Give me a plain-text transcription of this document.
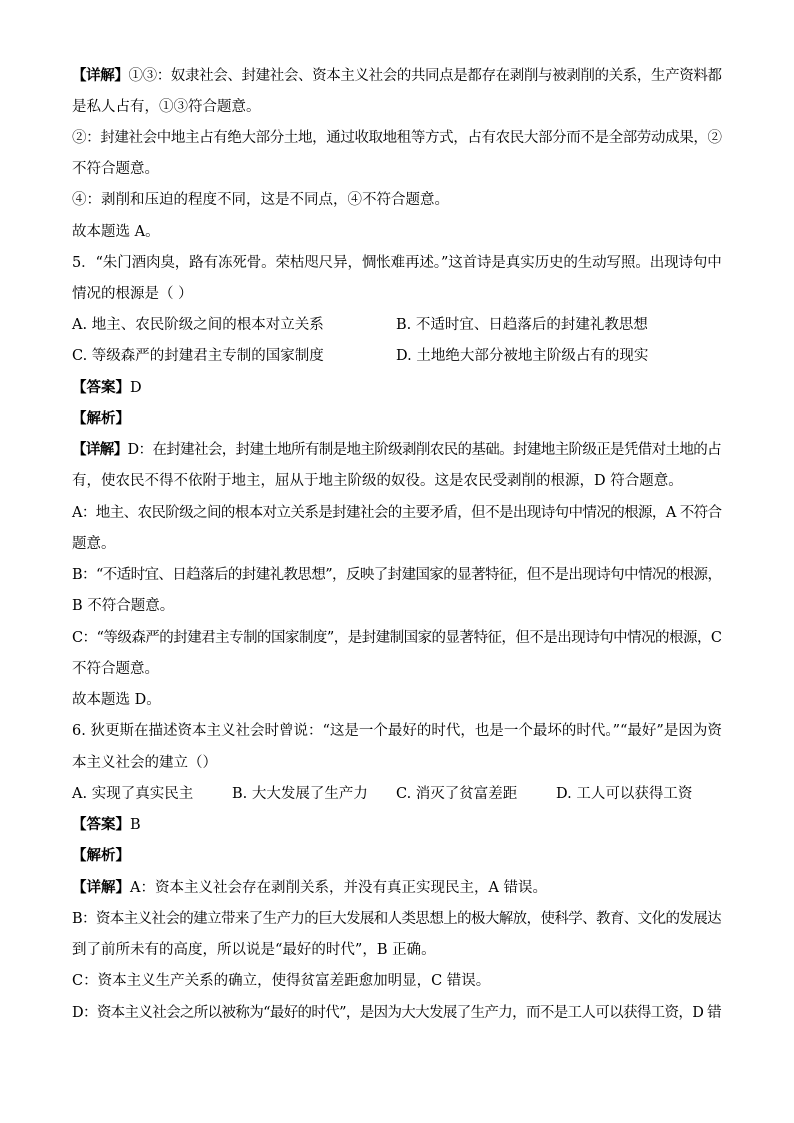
【详解】①③：奴隶社会、封建社会、资本主义社会的共同点是都存在剥削与被剥削的关系，生产资料都
是私人占有，①③符合题意。
②：封建社会中地主占有绝大部分土地，通过收取地租等方式，占有农民大部分而不是全部劳动成果，②
不符合题意。
④：剥削和压迫的程度不同，这是不同点，④不符合题意。
故本题选 A。
5．“朱门酒肉臭，路有冻死骨。荣枯咫尺异，惆怅难再述。”这首诗是真实历史的生动写照。出现诗句中
情况的根源是（ ）
A. 地主、农民阶级之间的根本对立关系	B. 不适时宜、日趋落后的封建礼教思想
C. 等级森严的封建君主专制的国家制度	D. 土地绝大部分被地主阶级占有的现实
【答案】D
【解析】
【详解】D：在封建社会，封建土地所有制是地主阶级剥削农民的基础。封建地主阶级正是凭借对土地的占
有，使农民不得不依附于地主，屈从于地主阶级的奴役。这是农民受剥削的根源，D 符合题意。
A：地主、农民阶级之间的根本对立关系是封建社会的主要矛盾，但不是出现诗句中情况的根源，A 不符合
题意。
B：“不适时宜、日趋落后的封建礼教思想”，反映了封建国家的显著特征，但不是出现诗句中情况的根源，
B 不符合题意。
C：“等级森严的封建君主专制的国家制度”，是封建制国家的显著特征，但不是出现诗句中情况的根源，C
不符合题意。
故本题选 D。
6. 狄更斯在描述资本主义社会时曾说：“这是一个最好的时代，也是一个最坏的时代。”“最好”是因为资
本主义社会的建立（）
A. 实现了真实民主	B. 大大发展了生产力 C. 消灭了贫富差距	D. 工人可以获得工资
【答案】B
【解析】
【详解】A：资本主义社会存在剥削关系，并没有真正实现民主，A 错误。
B：资本主义社会的建立带来了生产力的巨大发展和人类思想上的极大解放，使科学、教育、文化的发展达
到了前所未有的高度，所以说是“最好的时代”，B 正确。
C：资本主义生产关系的确立，使得贫富差距愈加明显，C 错误。
D：资本主义社会之所以被称为“最好的时代”，是因为大大发展了生产力，而不是工人可以获得工资，D 错
